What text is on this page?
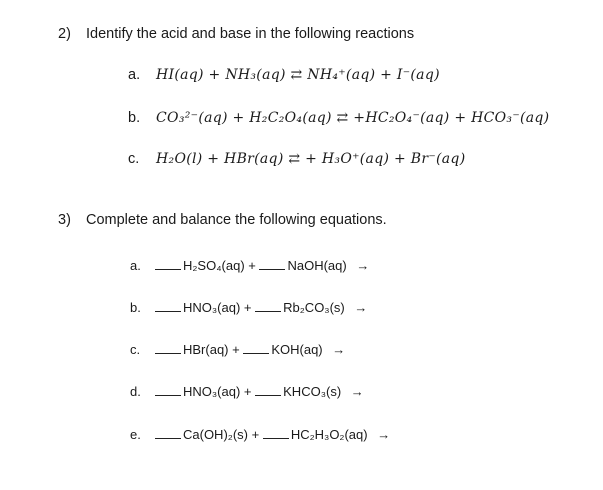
2) Identify the acid and base in the following reactions
a. HI(aq) + NH₃(aq) ⇄ NH₄⁺(aq) + I⁻(aq)
b. CO₃²⁻(aq) + H₂C₂O₄(aq) ⇄ +HC₂O₄⁻(aq) + HCO₃⁻(aq)
c. H₂O(l) + HBr(aq) ⇄ + H₃O⁺(aq) + Br⁻(aq)
3) Complete and balance the following equations.
a.	H₂SO₄(aq) + NaOH(aq) →
b.	HNO₃(aq) + Rb₂CO₃(s) →
c.	HBr(aq) + KOH(aq) →
d.	HNO₃(aq) + KHCO₃(s) →
e.	Ca(OH)₂(s) + HC₂H₃O₂(aq) →
